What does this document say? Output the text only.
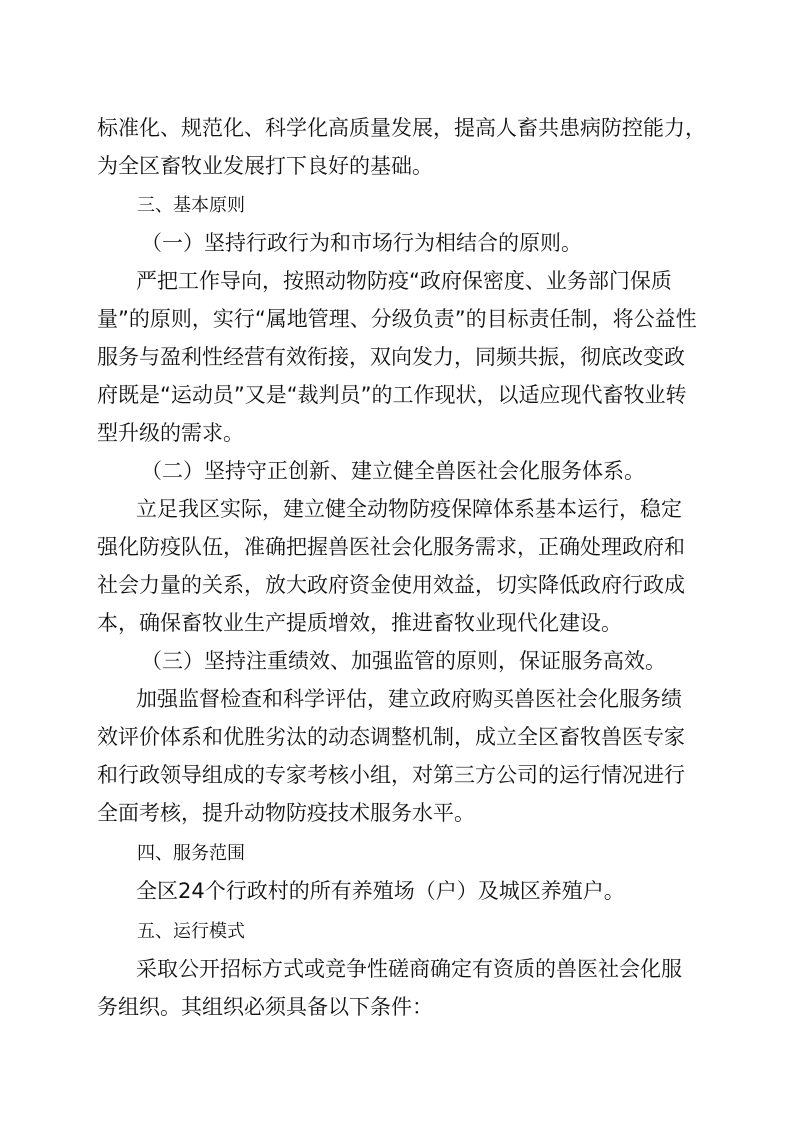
标准化、规范化、科学化高质量发展，提高人畜共患病防控能力，
为全区畜牧业发展打下良好的基础。
三、基本原则
（一）坚持行政行为和市场行为相结合的原则。
严把工作导向，按照动物防疫“政府保密度、业务部门保质
量”的原则，实行“属地管理、分级负责”的目标责任制，将公益性
服务与盈利性经营有效衔接，双向发力，同频共振，彻底改变政
府既是“运动员”又是“裁判员”的工作现状，以适应现代畜牧业转
型升级的需求。
（二）坚持守正创新、建立健全兽医社会化服务体系。
立足我区实际，建立健全动物防疫保障体系基本运行，稳定
强化防疫队伍，准确把握兽医社会化服务需求，正确处理政府和
社会力量的关系，放大政府资金使用效益，切实降低政府行政成
本，确保畜牧业生产提质增效，推进畜牧业现代化建设。
（三）坚持注重绩效、加强监管的原则，保证服务高效。
加强监督检查和科学评估，建立政府购买兽医社会化服务绩
效评价体系和优胜劣汰的动态调整机制，成立全区畜牧兽医专家
和行政领导组成的专家考核小组，对第三方公司的运行情况进行
全面考核，提升动物防疫技术服务水平。
四、服务范围
全区24个行政村的所有养殖场（户）及城区养殖户。
五、运行模式
采取公开招标方式或竞争性磋商确定有资质的兽医社会化服
务组织。其组织必须具备以下条件：
